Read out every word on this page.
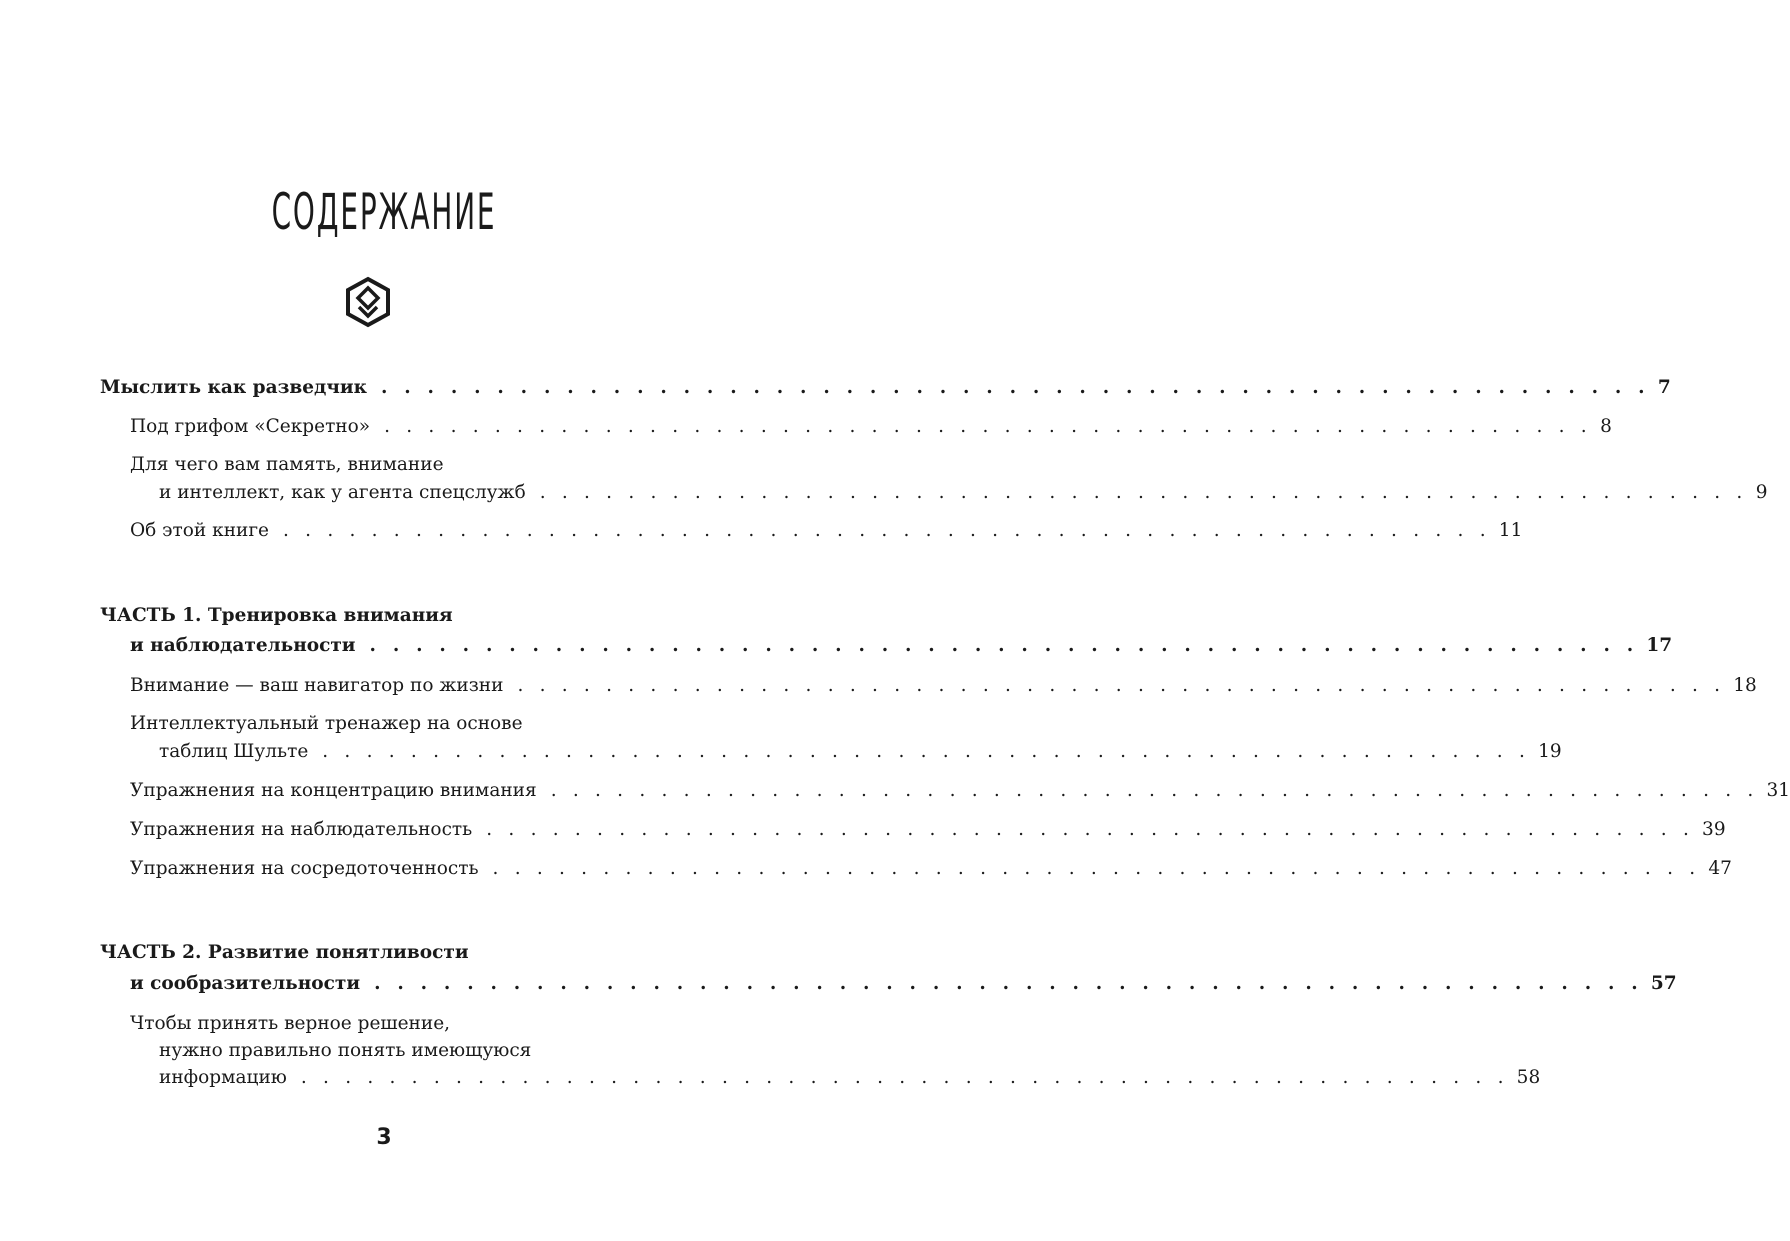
СОДЕРЖАНИЕ
Мыслить как разведчик . . . . . . . . . . . . . . . . . . . . . . . . . . . . . . . . . . . . . . . . . . . . . . . . . . . . . . . 7
Под грифом «Секретно» . . . . . . . . . . . . . . . . . . . . . . . . . . . . . . . . . . . . . . . . . . . . . . . . . . . . . . . 8
Для чего вам память, внимание
и интеллект, как у агента спецслужб . . . . . . . . . . . . . . . . . . . . . . . . . . . . . . . . . . . . . . . . . . . . . . . . . . . . . . . 9
Об этой книге . . . . . . . . . . . . . . . . . . . . . . . . . . . . . . . . . . . . . . . . . . . . . . . . . . . . . . . 11
ЧАСТЬ 1. Тренировка внимания
и наблюдательности . . . . . . . . . . . . . . . . . . . . . . . . . . . . . . . . . . . . . . . . . . . . . . . . . . . . . . . 17
Внимание — ваш навигатор по жизни . . . . . . . . . . . . . . . . . . . . . . . . . . . . . . . . . . . . . . . . . . . . . . . . . . . . . . . 18
Интеллектуальный тренажер на основе
таблиц Шульте . . . . . . . . . . . . . . . . . . . . . . . . . . . . . . . . . . . . . . . . . . . . . . . . . . . . . . . 19
Упражнения на концентрацию внимания . . . . . . . . . . . . . . . . . . . . . . . . . . . . . . . . . . . . . . . . . . . . . . . . . . . . . . . 31
Упражнения на наблюдательность . . . . . . . . . . . . . . . . . . . . . . . . . . . . . . . . . . . . . . . . . . . . . . . . . . . . . . . 39
Упражнения на сосредоточенность . . . . . . . . . . . . . . . . . . . . . . . . . . . . . . . . . . . . . . . . . . . . . . . . . . . . . . . 47
ЧАСТЬ 2. Развитие понятливости
и сообразительности . . . . . . . . . . . . . . . . . . . . . . . . . . . . . . . . . . . . . . . . . . . . . . . . . . . . . . . 57
Чтобы принять верное решение,
нужно правильно понять имеющуюся
информацию . . . . . . . . . . . . . . . . . . . . . . . . . . . . . . . . . . . . . . . . . . . . . . . . . . . . . . . 58
3
